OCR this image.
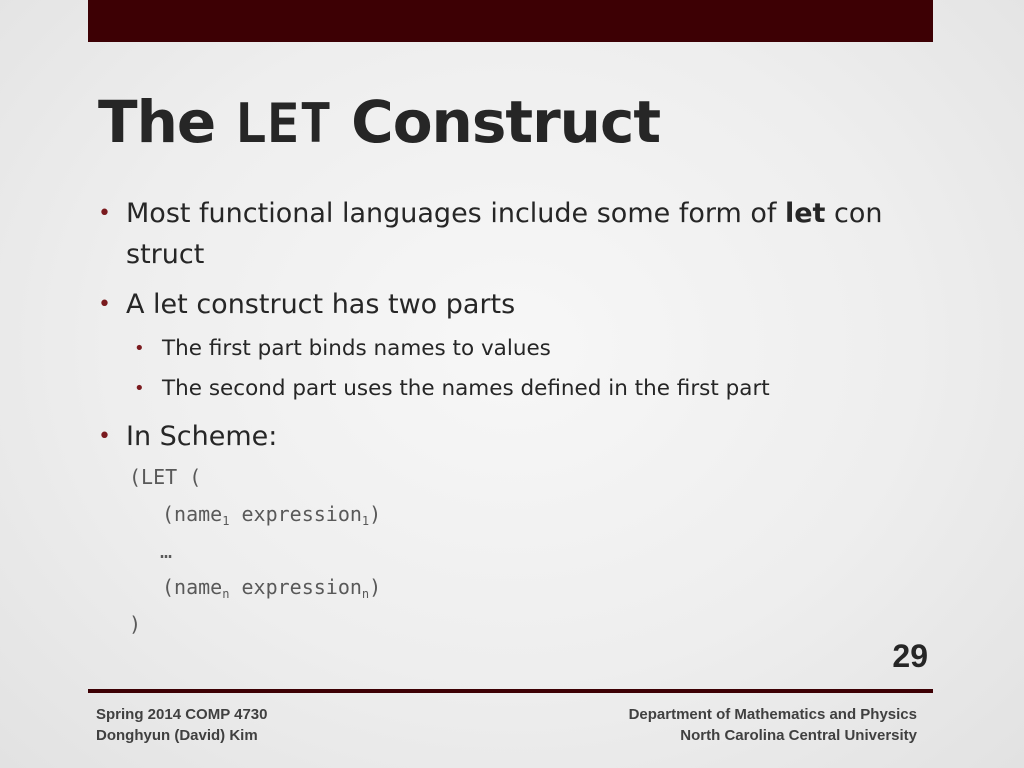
The LET Construct
• Most functional languages include some form of let con struct
• A let construct has two parts
• The first part binds names to values
• The second part uses the names defined in the first part
• In Scheme:
(LET (
(name$_1$ expression$_1$)
…
(name$_n$ expression$_n$)
)
29
Spring 2014 COMP 4730
Donghyun (David) Kim
Department of Mathematics and Physics
North Carolina Central University
